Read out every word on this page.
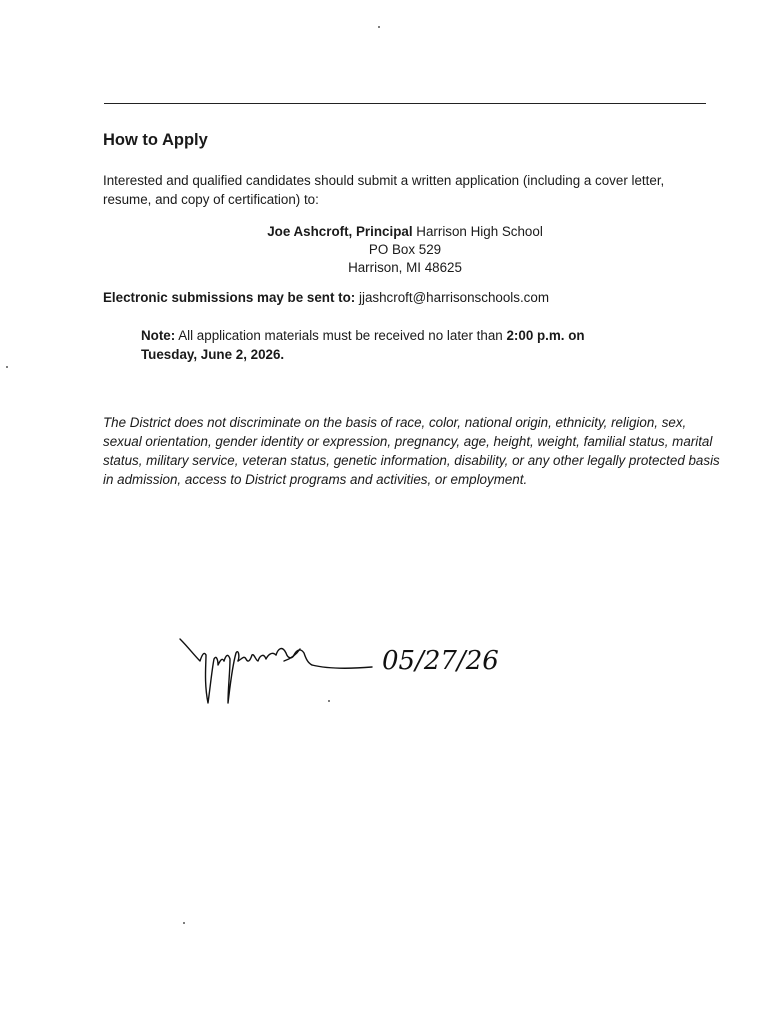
How to Apply

Interested and qualified candidates should submit a written application (including a cover letter, resume, and copy of certification) to:

Joe Ashcroft, Principal Harrison High School
PO Box 529
Harrison, MI 48625
Electronic submissions may be sent to: jjashcroft@harrisonschools.com
Note: All application materials must be received no later than 2:00 p.m. on
Tuesday, June 2, 2026.

The District does not discriminate on the basis of race, color, national origin, ethnicity, religion, sex, sexual orientation, gender identity or expression, pregnancy, age, height, weight, familial status, marital status, military service, veteran status, genetic information, disability, or any other legally protected basis in admission, access to District programs and activities, or employment.

05/27/26
